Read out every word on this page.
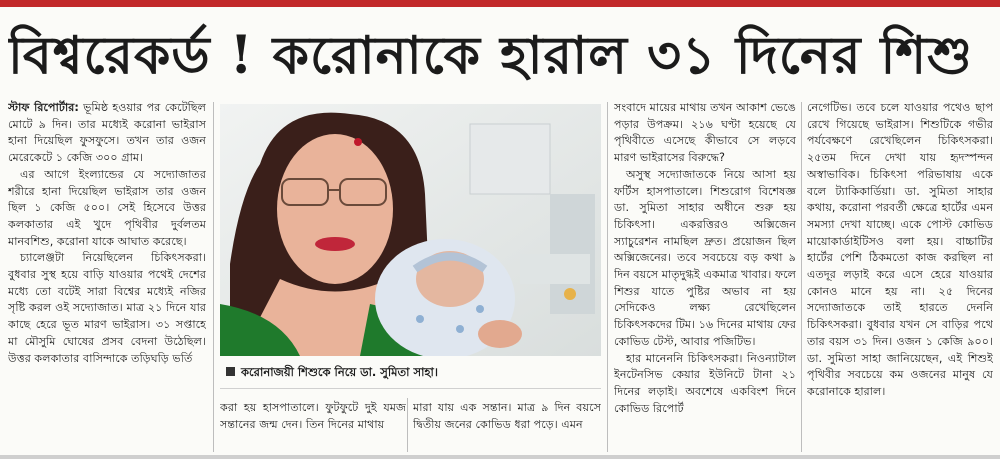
বিশ্বরেকর্ড ! করোনাকে হারাল ৩১ দিনের শিশু

স্টাফ রিপোর্টার: ভূমিষ্ঠ হওয়ার পর কেটেছিল মোটে ৯ দিন। তার মধ্যেই করোনা ভাইরাস হানা দিয়েছিল ফুসফুসে। তখন তার ওজন মেরেকেটে ১ কেজি ৩০০ গ্রাম।

এর আগে ইংল্যান্ডের যে সদ্যোজাতর শরীরে হানা দিয়েছিল ভাইরাস তার ওজন ছিল ১ কেজি ৫০০। সেই হিসেবে উত্তর কলকাতার এই খুদে পৃথিবীর দুর্বলতম মানবশিশু, করোনা যাকে আঘাত করেছে।

চ্যালেঞ্জটা নিয়েছিলেন চিকিৎসকরা। বুধবার সুস্থ হয়ে বাড়ি যাওয়ার পথেই দেশের মধ্যে তো বটেই সারা বিশ্বের মধ্যেই নজির সৃষ্টি করল ওই সদ্যোজাত। মাত্র ২১ দিনে যার কাছে হেরে ভূত মারণ ভাইরাস। ৩১ সপ্তাহে মা মৌসুমি ঘোষের প্রসব বেদনা উঠেছিল। উত্তর কলকাতার বাসিন্দাকে তড়িঘড়ি ভর্তি

করোনাজয়ী শিশুকে নিয়ে ডা. সুমিতা সাহা।

করা হয় হাসপাতালে। ফুটফুটে দুই যমজ সন্তানের জন্ম দেন। তিন দিনের মাথায়

মারা যায় এক সন্তান। মাত্র ৯ দিন বয়সে দ্বিতীয় জনের কোভিড ধরা পড়ে। এমন

সংবাদে মায়ের মাথায় তখন আকাশ ভেঙে পড়ার উপক্রম। ২১৬ ঘণ্টা হয়েছে যে পৃথিবীতে এসেছে কীভাবে সে লড়বে মারণ ভাইরাসের বিরুদ্ধে?

অসুস্থ সদ্যোজাতকে নিয়ে আসা হয় ফর্টিস হাসপাতালে। শিশুরোগ বিশেষজ্ঞ ডা. সুমিতা সাহার অধীনে শুরু হয় চিকিৎসা। একরত্তিরও অক্সিজেন স্যাচুরেশন নামছিল দ্রুত। প্রয়োজন ছিল অক্সিজেনের। তবে সবচেয়ে বড় কথা ৯ দিন বয়সে মাতৃদুগ্ধই একমাত্র খাবার। ফলে শিশুর যাতে পুষ্টির অভাব না হয় সেদিকেও লক্ষ্য রেখেছিলেন চিকিৎসকদের টিম। ১৬ দিনের মাথায় ফের কোভিড টেস্ট, আবার পজিটিভ।

হার মানেননি চিকিৎসকরা। নিওন্যাটাল ইনটেনসিভ কেয়ার ইউনিটে টানা ২১ দিনের লড়াই। অবশেষে একবিংশ দিনে কোভিড রিপোর্ট

নেগেটিভ। তবে চলে যাওয়ার পথেও ছাপ রেখে গিয়েছে ভাইরাস। শিশুটিকে গভীর পর্যবেক্ষণে রেখেছিলেন চিকিৎসকরা। ২৫তম দিনে দেখা যায় হৃদস্পন্দন অস্বাভাবিক। চিকিৎসা পরিভাষায় একে বলে ট্যাকিকার্ডিয়া। ডা. সুমিতা সাহার কথায়, করোনা পরবর্তী ক্ষেত্রে হার্টের এমন সমস্যা দেখা যাচ্ছে। একে পোস্ট কোভিড মায়োকার্ডাইটিসও বলা হয়। বাচ্চাটির হার্টের পেশি ঠিকমতো কাজ করছিল না এতদূর লড়াই করে এসে হেরে যাওয়ার কোনও মানে হয় না। ২৫ দিনের সদ্যোজাতকে তাই হারতে দেননি চিকিৎসকরা। বুধবার যখন সে বাড়ির পথে তার বয়স ৩১ দিন। ওজন ১ কেজি ৯০০। ডা. সুমিতা সাহা জানিয়েছেন, এই শিশুই পৃথিবীর সবচেয়ে কম ওজনের মানুষ যে করোনাকে হারাল।
